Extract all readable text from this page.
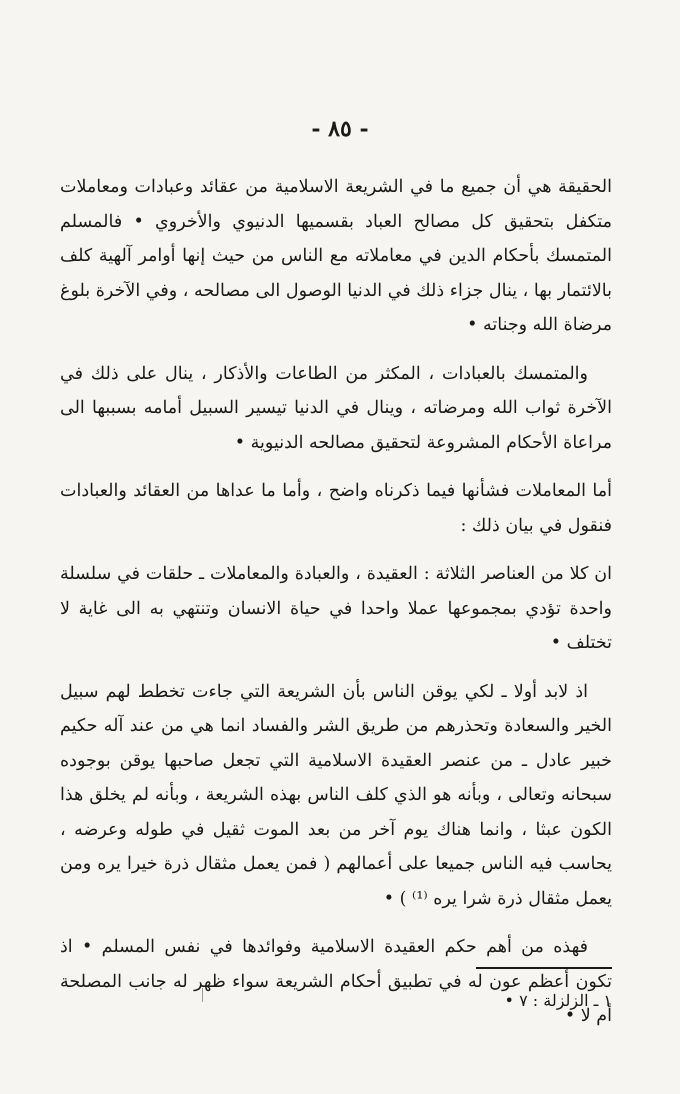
- ٨٥ -

الحقيقة هي أن جميع ما في الشريعة الاسلامية من عقائد وعبادات ومعاملات متكفل بتحقيق كل مصالح العباد بقسميها الدنيوي والأخروي • فالمسلم المتمسك بأحكام الدين في معاملاته مع الناس من حيث إنها أوامر آلهية كلف بالائتمار بها ، ينال جزاء ذلك في الدنيا الوصول الى مصالحه ، وفي الآخرة بلوغ مرضاة الله وجناته •

والمتمسك بالعبادات ، المكثر من الطاعات والأذكار ، ينال على ذلك في الآخرة ثواب الله ومرضاته ، وينال في الدنيا تيسير السبيل أمامه بسببها الى مراعاة الأحكام المشروعة لتحقيق مصالحه الدنيوية •

أما المعاملات فشأنها فيما ذكرناه واضح ، وأما ما عداها من العقائد والعبادات فنقول في بيان ذلك :

ان كلا من العناصر الثلاثة : العقيدة ، والعبادة والمعاملات ـ حلقات في سلسلة واحدة تؤدي بمجموعها عملا واحدا في حياة الانسان وتنتهي به الى غاية لا تختلف •

اذ لابد أولا ـ لكي يوقن الناس بأن الشريعة التي جاءت تخطط لهم سبيل الخير والسعادة وتحذرهم من طريق الشر والفساد انما هي من عند آله حكيم خبير عادل ـ من عنصر العقيدة الاسلامية التي تجعل صاحبها يوقن بوجوده سبحانه وتعالى ، وبأنه هو الذي كلف الناس بهذه الشريعة ، وبأنه لم يخلق هذا الكون عبثا ، وانما هناك يوم آخر من بعد الموت ثقيل في طوله وعرضه ، يحاسب فيه الناس جميعا على أعمالهم ( فمن يعمل مثقال ذرة خيرا يره ومن يعمل مثقال ذرة شرا يره ⁽¹⁾ ) •

فهذه من أهم حكم العقيدة الاسلامية وفوائدها في نفس المسلم • اذ تكون أعظم عون له في تطبيق أحكام الشريعة سواء ظهر له جانب المصلحة أم لا •

١ ـ الزلزلة : ٧ •
